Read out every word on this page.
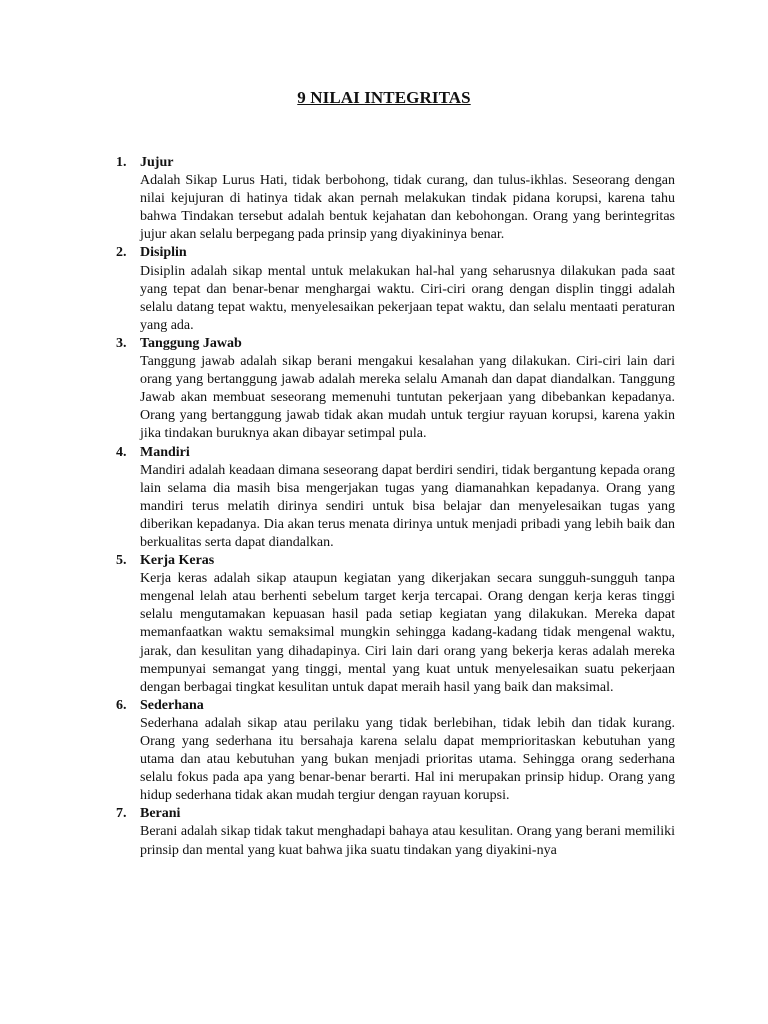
9 NILAI INTEGRITAS
1. Jujur

Adalah Sikap Lurus Hati, tidak berbohong, tidak curang, dan tulus-ikhlas. Seseorang dengan nilai kejujuran di hatinya tidak akan pernah melakukan tindak pidana korupsi, karena tahu bahwa Tindakan tersebut adalah bentuk kejahatan dan kebohongan. Orang yang berintegritas jujur akan selalu berpegang pada prinsip yang diyakininya benar.

2. Disiplin

Disiplin adalah sikap mental untuk melakukan hal-hal yang seharusnya dilakukan pada saat yang tepat dan benar-benar menghargai waktu. Ciri-ciri orang dengan displin tinggi adalah selalu datang tepat waktu, menyelesaikan pekerjaan tepat waktu, dan selalu mentaati peraturan yang ada.

3. Tanggung Jawab

Tanggung jawab adalah sikap berani mengakui kesalahan yang dilakukan. Ciri-ciri lain dari orang yang bertanggung jawab adalah mereka selalu Amanah dan dapat diandalkan. Tanggung Jawab akan membuat seseorang memenuhi tuntutan pekerjaan yang dibebankan kepadanya. Orang yang bertanggung jawab tidak akan mudah untuk tergiur rayuan korupsi, karena yakin jika tindakan buruknya akan dibayar setimpal pula.

4. Mandiri

Mandiri adalah keadaan dimana seseorang dapat berdiri sendiri, tidak bergantung kepada orang lain selama dia masih bisa mengerjakan tugas yang diamanahkan kepadanya. Orang yang mandiri terus melatih dirinya sendiri untuk bisa belajar dan menyelesaikan tugas yang diberikan kepadanya. Dia akan terus menata dirinya untuk menjadi pribadi yang lebih baik dan berkualitas serta dapat diandalkan.

5. Kerja Keras

Kerja keras adalah sikap ataupun kegiatan yang dikerjakan secara sungguh-sungguh tanpa mengenal lelah atau berhenti sebelum target kerja tercapai. Orang dengan kerja keras tinggi selalu mengutamakan kepuasan hasil pada setiap kegiatan yang dilakukan. Mereka dapat memanfaatkan waktu semaksimal mungkin sehingga kadang-kadang tidak mengenal waktu, jarak, dan kesulitan yang dihadapinya. Ciri lain dari orang yang bekerja keras adalah mereka mempunyai semangat yang tinggi, mental yang kuat untuk menyelesaikan suatu pekerjaan dengan berbagai tingkat kesulitan untuk dapat meraih hasil yang baik dan maksimal.

6. Sederhana

Sederhana adalah sikap atau perilaku yang tidak berlebihan, tidak lebih dan tidak kurang. Orang yang sederhana itu bersahaja karena selalu dapat memprioritaskan kebutuhan yang utama dan atau kebutuhan yang bukan menjadi prioritas utama. Sehingga orang sederhana selalu fokus pada apa yang benar-benar berarti. Hal ini merupakan prinsip hidup. Orang yang hidup sederhana tidak akan mudah tergiur dengan rayuan korupsi.

7. Berani

Berani adalah sikap tidak takut menghadapi bahaya atau kesulitan. Orang yang berani memiliki prinsip dan mental yang kuat bahwa jika suatu tindakan yang diyakini-nya
